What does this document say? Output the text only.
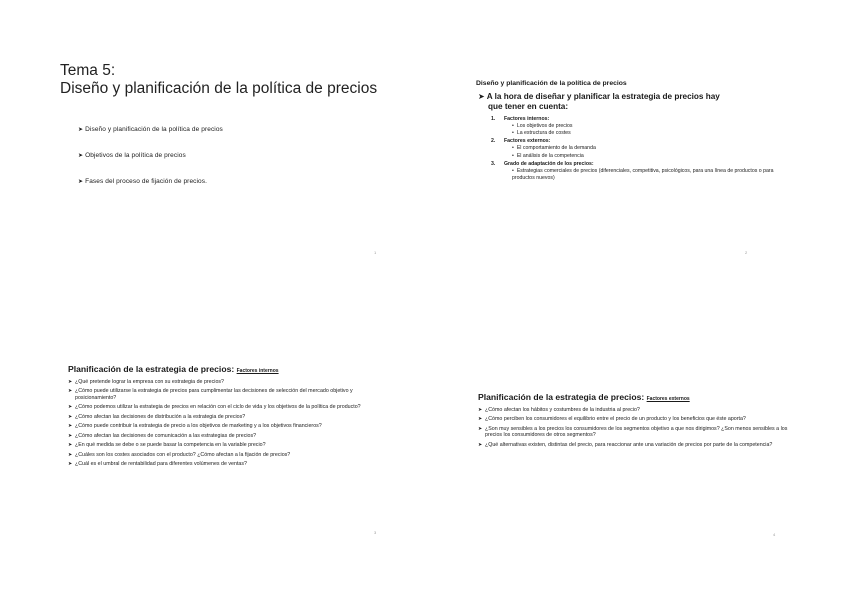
Tema 5:
Diseño y planificación de la política de precios
➤ Diseño y planificación de la política de precios
➤ Objetivos de la política de precios
➤ Fases del proceso de fijación de precios.
1
Diseño y planificación de la política de precios

➤ A la hora de diseñar y planificar la estrategia de precios hay
que tener en cuenta:

1. Factores internos:
• Los objetivos de precios
• La estructura de costes
2. Factores externos:
• El comportamiento de la demanda
• El análisis de la competencia
3. Grado de adaptación de los precios:
• Estrategias comerciales de precios (diferenciales, competitiva, psicológicos, para una línea de productos o para productos nuevos)
2
Planificación de la estrategia de precios: Factores internos
➤ ¿Qué pretende lograr la empresa con su estrategia de precios?
➤ ¿Cómo puede utilizarse la estrategia de precios para cumplimentar las decisiones de selección del mercado objetivo y posicionamiento?
➤ ¿Cómo podemos utilizar la estrategia de precios en relación con el ciclo de vida y los objetivos de la política de producto?
➤ ¿Cómo afectan las decisiones de distribución a la estrategia de precios?
➤ ¿Cómo puede contribuir la estrategia de precio a los objetivos de marketing y a los objetivos financieros?
➤ ¿Cómo afectan las decisiones de comunicación a las estrategias de precios?
➤ ¿En qué medida se debe o se puede basar la competencia en la variable precio?
➤ ¿Cuáles son los costes asociados con el producto? ¿Cómo afectan a la fijación de precios?
➤ ¿Cuál es el umbral de rentabilidad para diferentes volúmenes de ventas?
3
Planificación de la estrategia de precios: Factores externos
➤ ¿Cómo afectan los hábitos y costumbres de la industria al precio?
➤ ¿Cómo perciben los consumidores el equilibrio entre el precio de un producto y los beneficios que éste aporta?
➤ ¿Son muy sensibles a los precios los consumidores de los segmentos objetivo a que nos dirigimos? ¿Son menos sensibles a los precios los consumidores de otros segmentos?
➤ ¿Qué alternativas existen, distintas del precio, para reaccionar ante una variación de precios por parte de la competencia?
4
